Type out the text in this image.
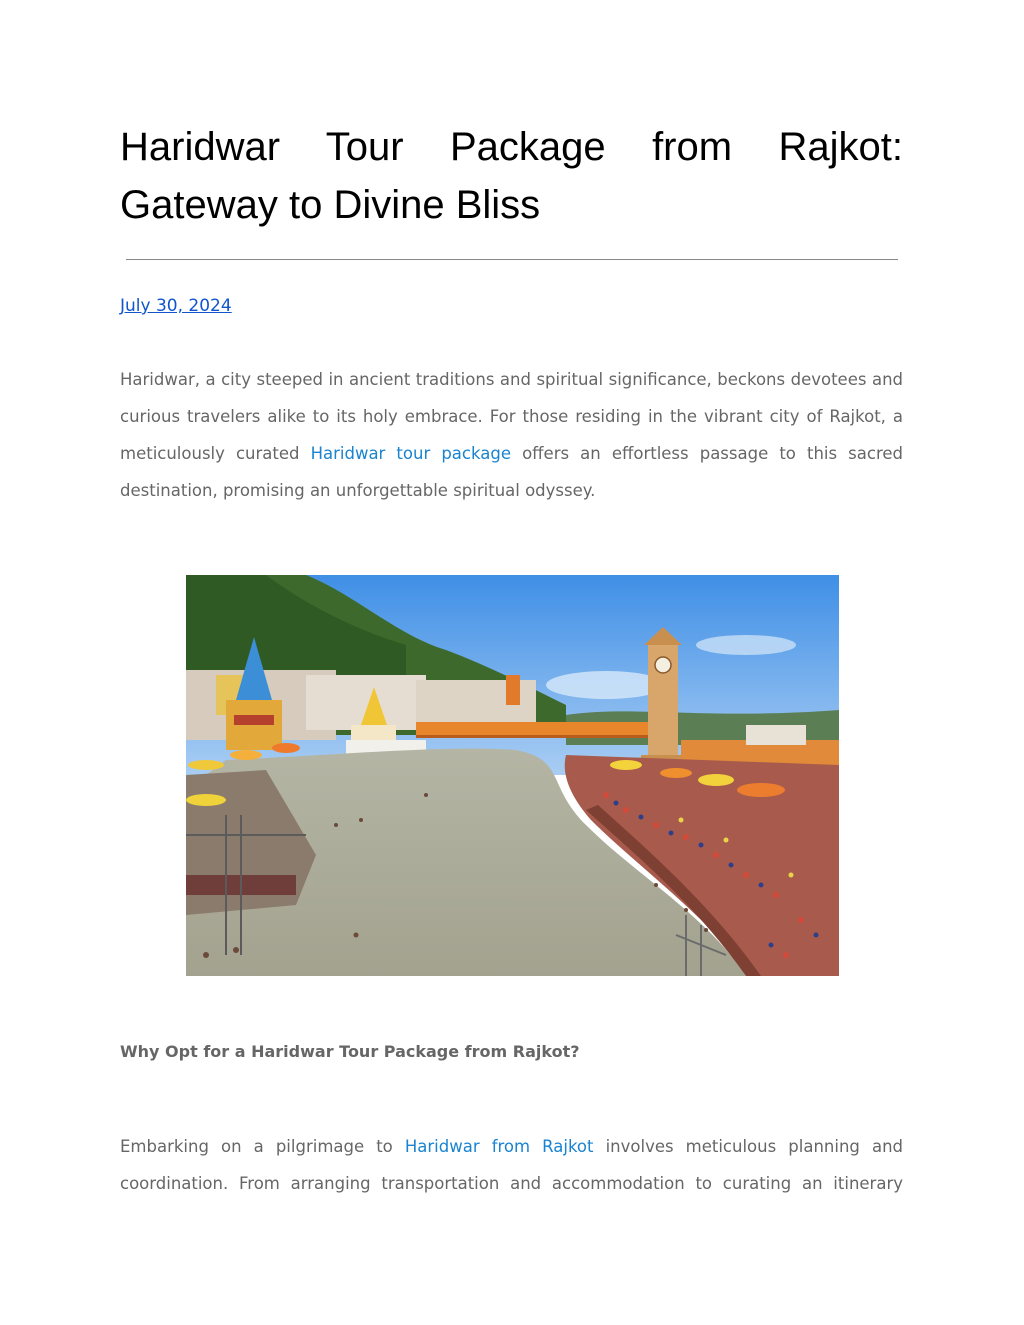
Haridwar Tour Package from Rajkot: Gateway to Divine Bliss
July 30, 2024

Haridwar, a city steeped in ancient traditions and spiritual significance, beckons devotees and curious travelers alike to its holy embrace. For those residing in the vibrant city of Rajkot, a meticulously curated Haridwar tour package offers an effortless passage to this sacred destination, promising an unforgettable spiritual odyssey.

Why Opt for a Haridwar Tour Package from Rajkot?

Embarking on a pilgrimage to Haridwar from Rajkot involves meticulous planning and coordination. From arranging transportation and accommodation to curating an itinerary
